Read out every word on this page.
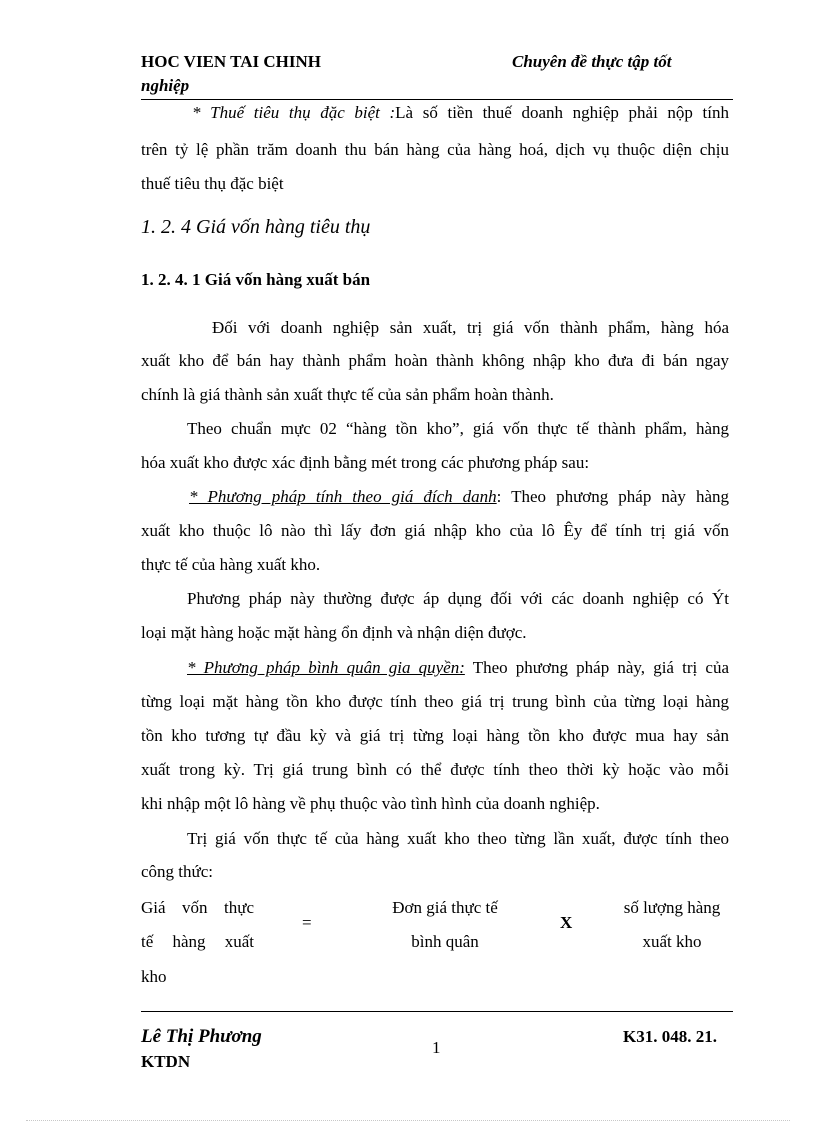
HOC VIEN TAI CHINH	Chuyên đề thực tập tốt
nghiệp
* Thuế tiêu thụ đặc biệt :Là số tiền thuế doanh nghiệp phải nộp tính
trên tỷ lệ phần trăm doanh thu bán hàng của hàng hoá, dịch vụ thuộc diện chịu
thuế tiêu thụ đặc biệt
1. 2. 4 Giá vốn hàng tiêu thụ
1. 2. 4. 1 Giá vốn hàng xuất bán
Đối với doanh nghiệp sản xuất, trị giá vốn thành phẩm, hàng hóa
xuất kho để bán hay thành phẩm hoàn thành không nhập kho đưa đi bán ngay
chính là giá thành sản xuất thực tế của sản phẩm hoàn thành.
Theo chuẩn mực 02 “hàng tồn kho”, giá vốn thực tế thành phẩm, hàng
hóa xuất kho được xác định bằng mét trong các phương pháp sau:
* Phương pháp tính theo giá đích danh: Theo phương pháp này hàng
xuất kho thuộc lô nào thì lấy đơn giá nhập kho của lô Êy để tính trị giá vốn
thực tế của hàng xuất kho.
Phương pháp này thường được áp dụng đối với các doanh nghiệp có Ýt
loại mặt hàng hoặc mặt hàng ổn định và nhận diện được.
* Phương pháp bình quân gia quyền: Theo phương pháp này, giá trị của
từng loại mặt hàng tồn kho được tính theo giá trị trung bình của từng loại hàng
tồn kho tương tự đầu kỳ và giá trị từng loại hàng tồn kho được mua hay sản
xuất trong kỳ. Trị giá trung bình có thể được tính theo thời kỳ hoặc vào mỗi
khi nhập một lô hàng về phụ thuộc vào tình hình của doanh nghiệp.
Trị giá vốn thực tế của hàng xuất kho theo từng lần xuất, được tính theo
công thức:
Giá vốn thực
tế hàng xuất
kho
=
Đơn giá thực tế
bình quân
X
số lượng hàng
xuất kho
Lê Thị Phương
KTDN
1
K31. 048. 21.
